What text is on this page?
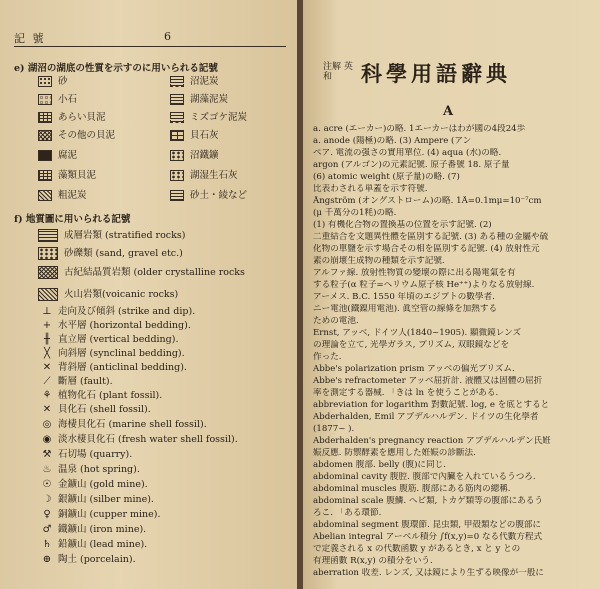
記 號	6
e) 湖沼の湖底の性質を示すのに用いられる記號
砂	沼泥炭
小石	湖藻泥炭
あらい貝泥	ミズゴケ泥炭
その他の貝泥	貝石灰
腐泥	沼鐵鑛
藻類貝泥	湖湿生石灰
粗泥炭	砂土・綾など
f) 地質圖に用いられる記號
成層岩類 (stratified rocks)
砂礫類 (sand, gravel etc.)
古紀結晶質岩類 (older crystalline rocks
火山岩類(voicanic rocks)
⊥ 走向及び傾斜 (strike and dip).
+ 水平層 (horizontal bedding).
╫ 直立層 (vertical bedding).
╳ 向斜層 (synclinal bedding).
✕ 背斜層 (anticlinal bedding).
⟋ 斷層 (fault).
⚘ 植物化石 (plant fossil).
✕ 貝化石 (shell fossil).
◎ 海棲貝化石 (marine shell fossil).
◉ 淡水棲貝化石 (fresh water shell fossil).
⚒ 石切場 (quarry).
♨ 温泉 (hot spring).
☉ 金鑛山 (gold mine).
☽ 銀鑛山 (silber mine).
♀ 銅鑛山 (cupper mine).
♂ 鐵鑛山 (iron mine).
♄ 鉛鑛山 (lead mine).
⊕ 陶土 (porcelain).
注解 英和	科學用語辭典
A
a. acre (エーカー)の略. 1エーカーはわが國の4段24歩
a. anode (陽極)の略. (3) Ampere (アン
ペア. 電流の强さの實用單位. (4) aqua (水)の略.
argon (アルゴン)の元素記號. 原子番號 18. 原子量
(6) atomic weight (原子量)の略. (7)
比表わされる単蓋を示す符號.
Ångström (オングストローム)の略. 1Å=0.1mμ=10⁻⁷cm
(μ 千萬分の1粍)の略.
(1) 有機化合物の置換基の位置を示す記號. (2)
二重結合を文題異性體を區別する記號. (3) ある種の金屬や硫
化物の單鹽を示す場合その相を區別する記號. (4) 放射性元
素の崩壞生成物の種類を示す記號.
アルファ線. 放射性物質の變壞の際に出る陽電氣を有
する粒子(α 粒子=ヘリウム原子核 He⁺⁺)よりなる放射線.
アーメス. B.C. 1550 年頃のエジプトの數學者.
ニー電池(鐵鎳用電池). 眞空管の線條を加熱する
ための電池.
Ernst, アッベ, ドイツ人(1840~1905). 顯微鏡レンズ
の理論を立て, 光學ガラス, プリズム, 双眼鏡などを
作った.
Abbe's polarization prism アッベの偏光プリズム.
Abbe's refractometer アッベ屈折計. 液體又は固體の屈折
率を測定する器械. 「きは ln を使うことがある.
abbreviation for logarithm 對數記號. log, e を底とすると
Abderhalden, Emil アブデルハルデン. ドイツの生化學者
(1877~ ).
Abderhalden's pregnancy reaction アブデルハルデン氏姙
娠反應. 防禦酵素を應用した姙娠の診斷法.
abdomen 腹部. belly (腹)に同じ.
abdominal cavity 腹腔. 腹部で內臟を入れているうつろ.
abdominal muscles 腹筋. 腹部にある筋肉の總稱.
abdominal scale 腹鱗. ヘビ類, トカゲ類等の腹部にあるう
ろこ. 「ある環節.
abdominal segment 腹環節. 昆虫類, 甲殻類などの腹部に
Abelian integral アーベル積分 ∫f(x,y)=0 なる代數方程式
で定義される x の代數函數 y があるとき, x と y との
有理函數 R(x,y) の積分をいう.
aberration 收差. レンズ, 又は鏡により生ずる映像が一般に
